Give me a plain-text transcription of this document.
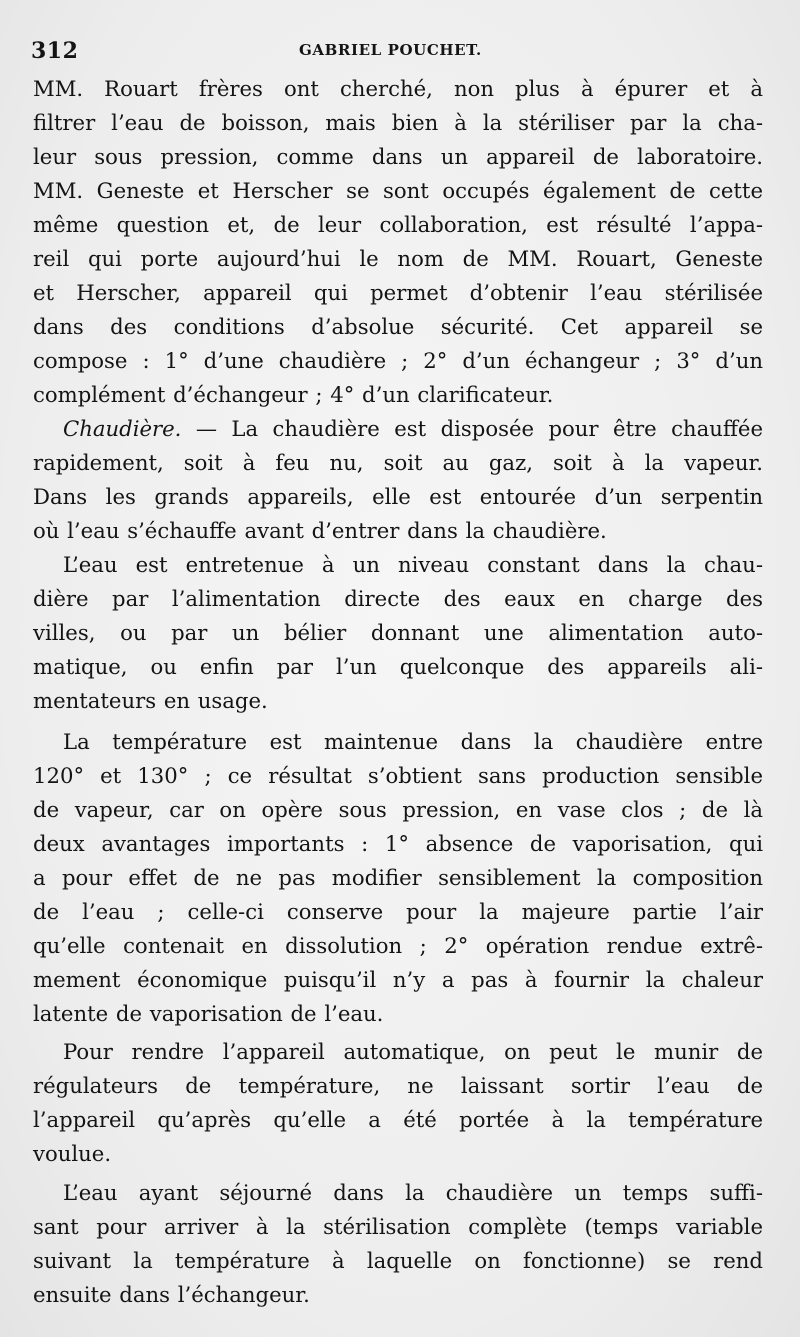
312	GABRIEL POUCHET.
MM. Rouart frères ont cherché, non plus à épurer et à
filtrer l’eau de boisson, mais bien à la stériliser par la cha-
leur sous pression, comme dans un appareil de laboratoire.
MM. Geneste et Herscher se sont occupés également de cette
même question et, de leur collaboration, est résulté l’appa-
reil qui porte aujourd’hui le nom de MM. Rouart, Geneste
et Herscher, appareil qui permet d’obtenir l’eau stérilisée
dans des conditions d’absolue sécurité. Cet appareil se
compose : 1° d’une chaudière ; 2° d’un échangeur ; 3° d’un
complément d’échangeur ; 4° d’un clarificateur.
Chaudière. — La chaudière est disposée pour être chauffée
rapidement, soit à feu nu, soit au gaz, soit à la vapeur.
Dans les grands appareils, elle est entourée d’un serpentin
où l’eau s’échauffe avant d’entrer dans la chaudière.
L’eau est entretenue à un niveau constant dans la chau-
dière par l’alimentation directe des eaux en charge des
villes, ou par un bélier donnant une alimentation auto-
matique, ou enfin par l’un quelconque des appareils ali-
mentateurs en usage.
La température est maintenue dans la chaudière entre
120° et 130° ; ce résultat s’obtient sans production sensible
de vapeur, car on opère sous pression, en vase clos ; de là
deux avantages importants : 1° absence de vaporisation, qui
a pour effet de ne pas modifier sensiblement la composition
de l’eau ; celle-ci conserve pour la majeure partie l’air
qu’elle contenait en dissolution ; 2° opération rendue extrê-
mement économique puisqu’il n’y a pas à fournir la chaleur
latente de vaporisation de l’eau.
Pour rendre l’appareil automatique, on peut le munir de
régulateurs de température, ne laissant sortir l’eau de
l’appareil qu’après qu’elle a été portée à la température
voulue.
L’eau ayant séjourné dans la chaudière un temps suffi-
sant pour arriver à la stérilisation complète (temps variable
suivant la température à laquelle on fonctionne) se rend
ensuite dans l’échangeur.
